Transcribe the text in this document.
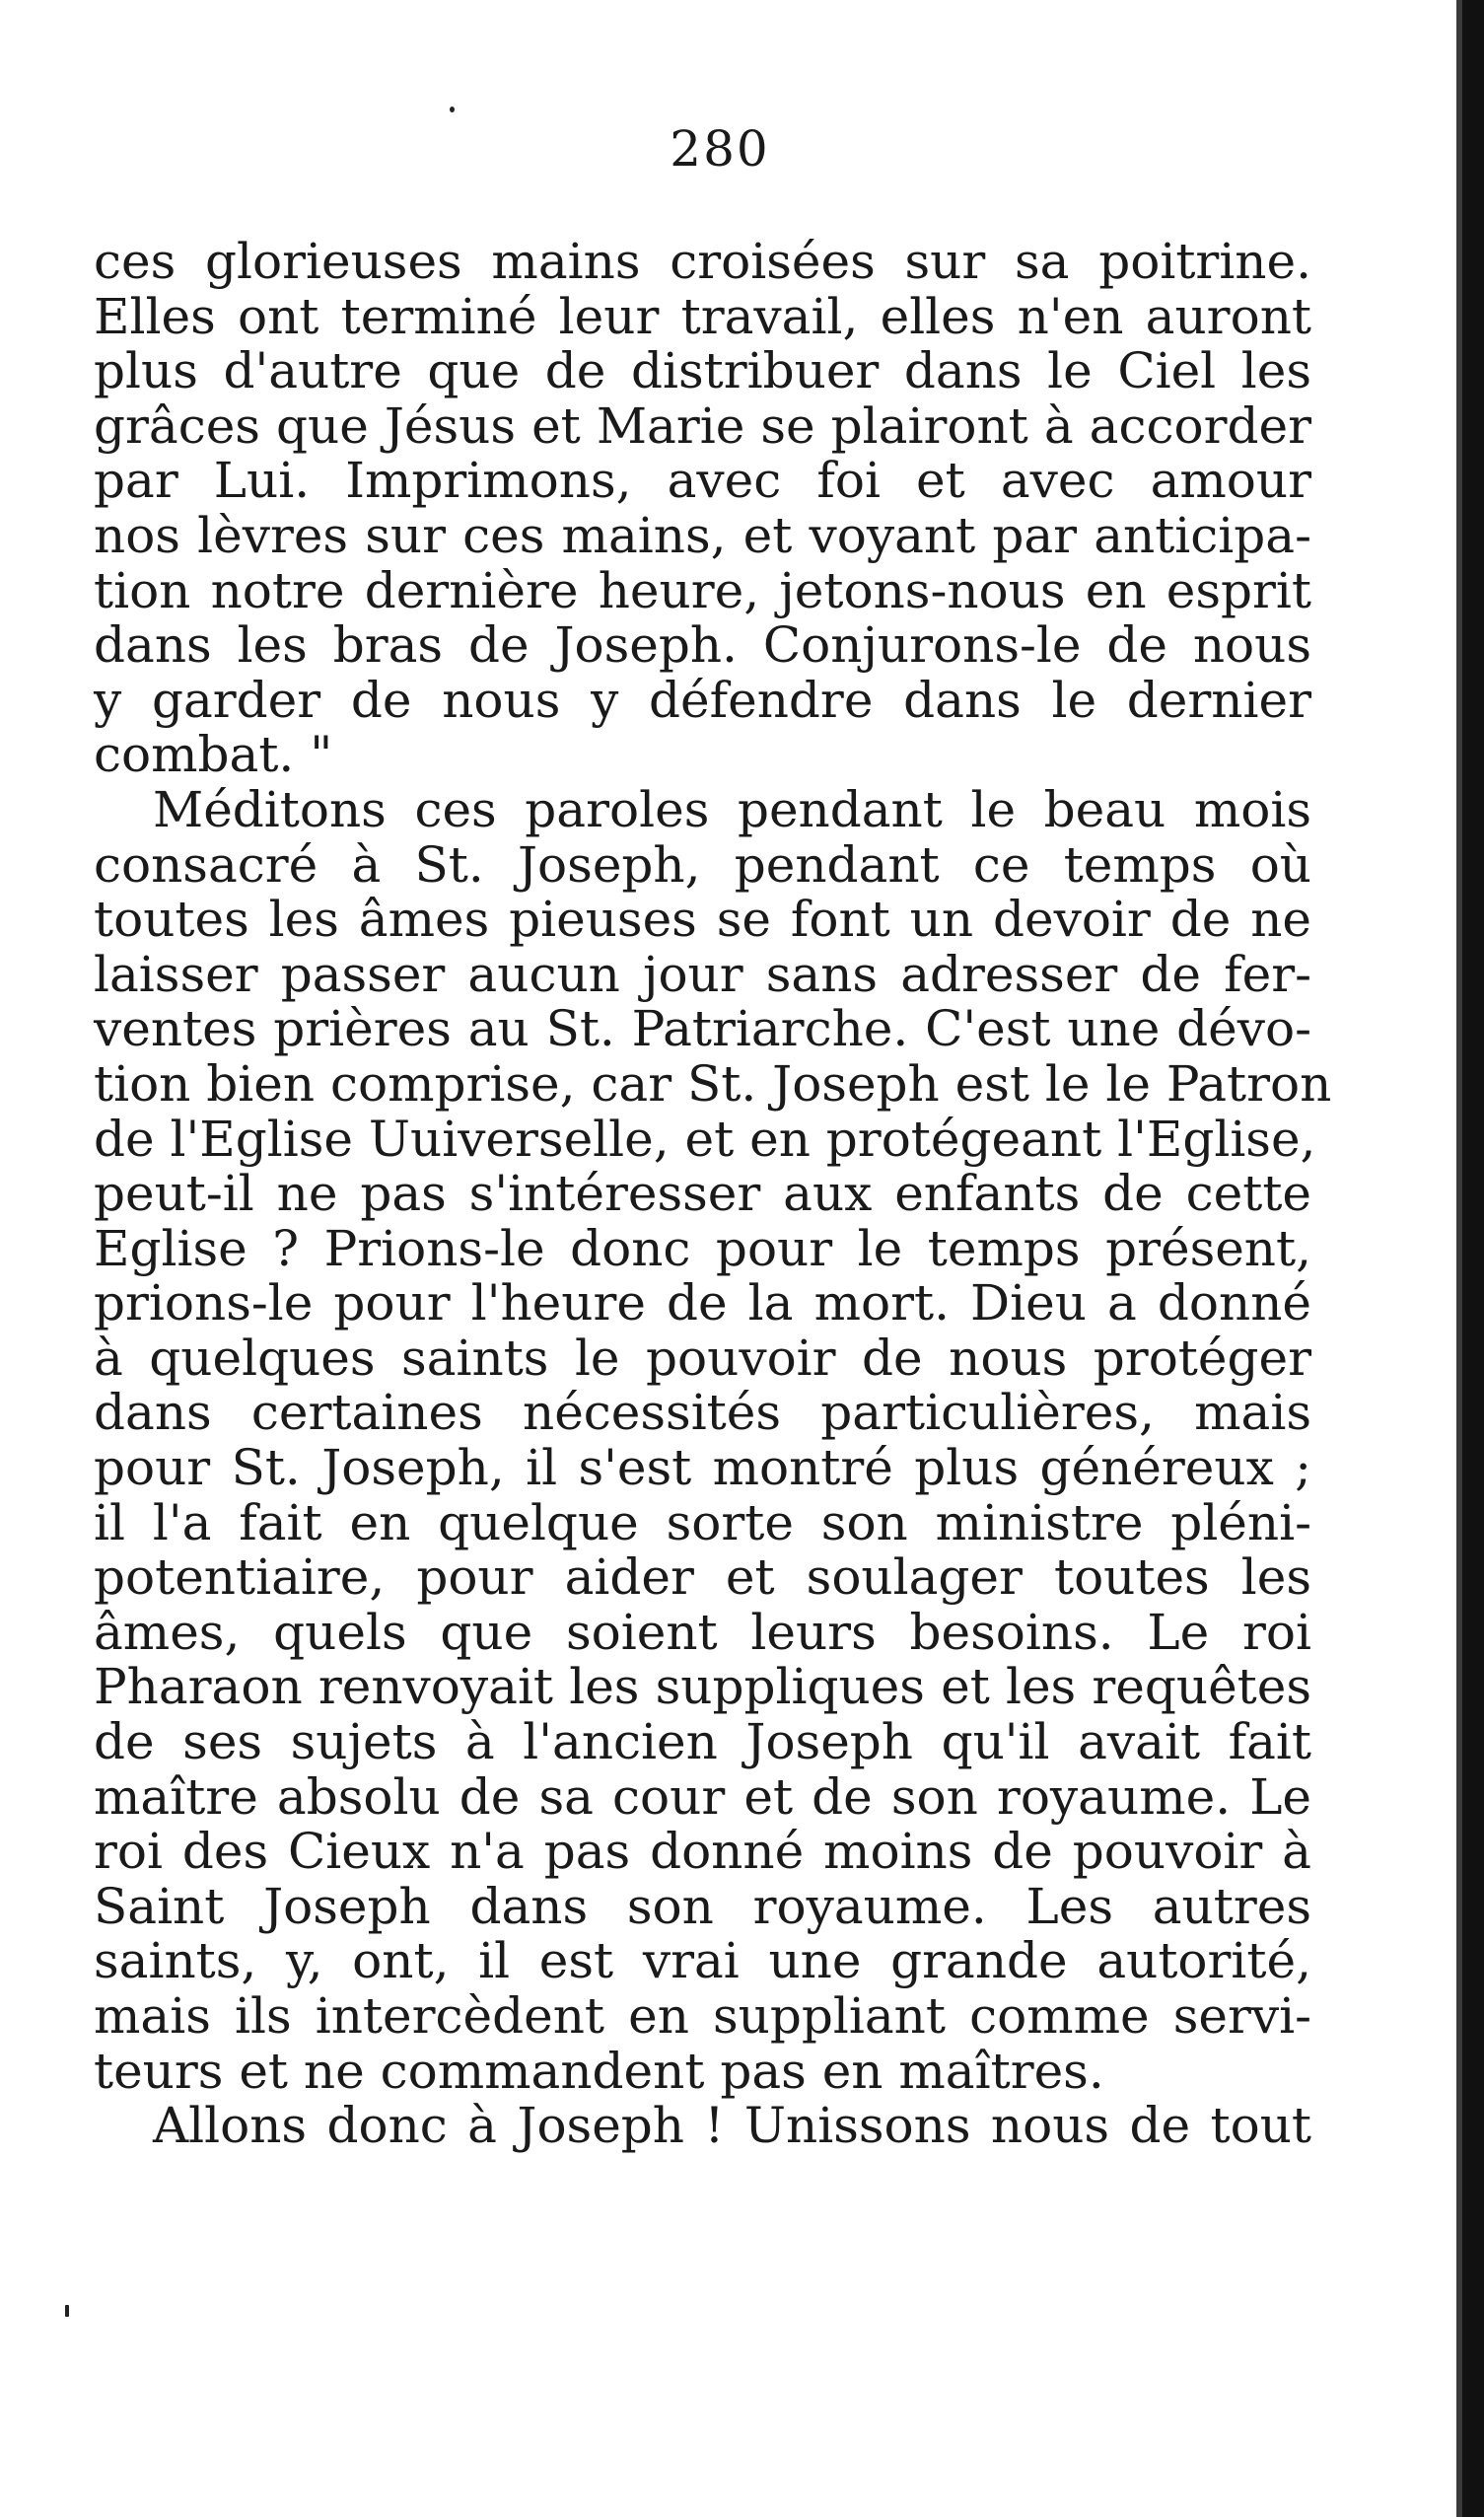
280
ces glorieuses mains croisées sur sa poitrine.
Elles ont terminé leur travail, elles n'en auront
plus d'autre que de distribuer dans le Ciel les
grâces que Jésus et Marie se plairont à accorder
par Lui. Imprimons, avec foi et avec amour
nos lèvres sur ces mains, et voyant par anticipa-
tion notre dernière heure, jetons-nous en esprit
dans les bras de Joseph. Conjurons-le de nous
y garder de nous y défendre dans le dernier
combat. "
Méditons ces paroles pendant le beau mois
consacré à St. Joseph, pendant ce temps où
toutes les âmes pieuses se font un devoir de ne
laisser passer aucun jour sans adresser de fer-
ventes prières au St. Patriarche. C'est une dévo-
tion bien comprise, car St. Joseph est le le Patron
de l'Eglise Uuiverselle, et en protégeant l'Eglise,
peut-il ne pas s'intéresser aux enfants de cette
Eglise ? Prions-le donc pour le temps présent,
prions-le pour l'heure de la mort. Dieu a donné
à quelques saints le pouvoir de nous protéger
dans certaines nécessités particulières, mais
pour St. Joseph, il s'est montré plus généreux ;
il l'a fait en quelque sorte son ministre pléni-
potentiaire, pour aider et soulager toutes les
âmes, quels que soient leurs besoins. Le roi
Pharaon renvoyait les suppliques et les requêtes
de ses sujets à l'ancien Joseph qu'il avait fait
maître absolu de sa cour et de son royaume. Le
roi des Cieux n'a pas donné moins de pouvoir à
Saint Joseph dans son royaume. Les autres
saints, y, ont, il est vrai une grande autorité,
mais ils intercèdent en suppliant comme servi-
teurs et ne commandent pas en maîtres.
Allons donc à Joseph ! Unissons nous de tout
